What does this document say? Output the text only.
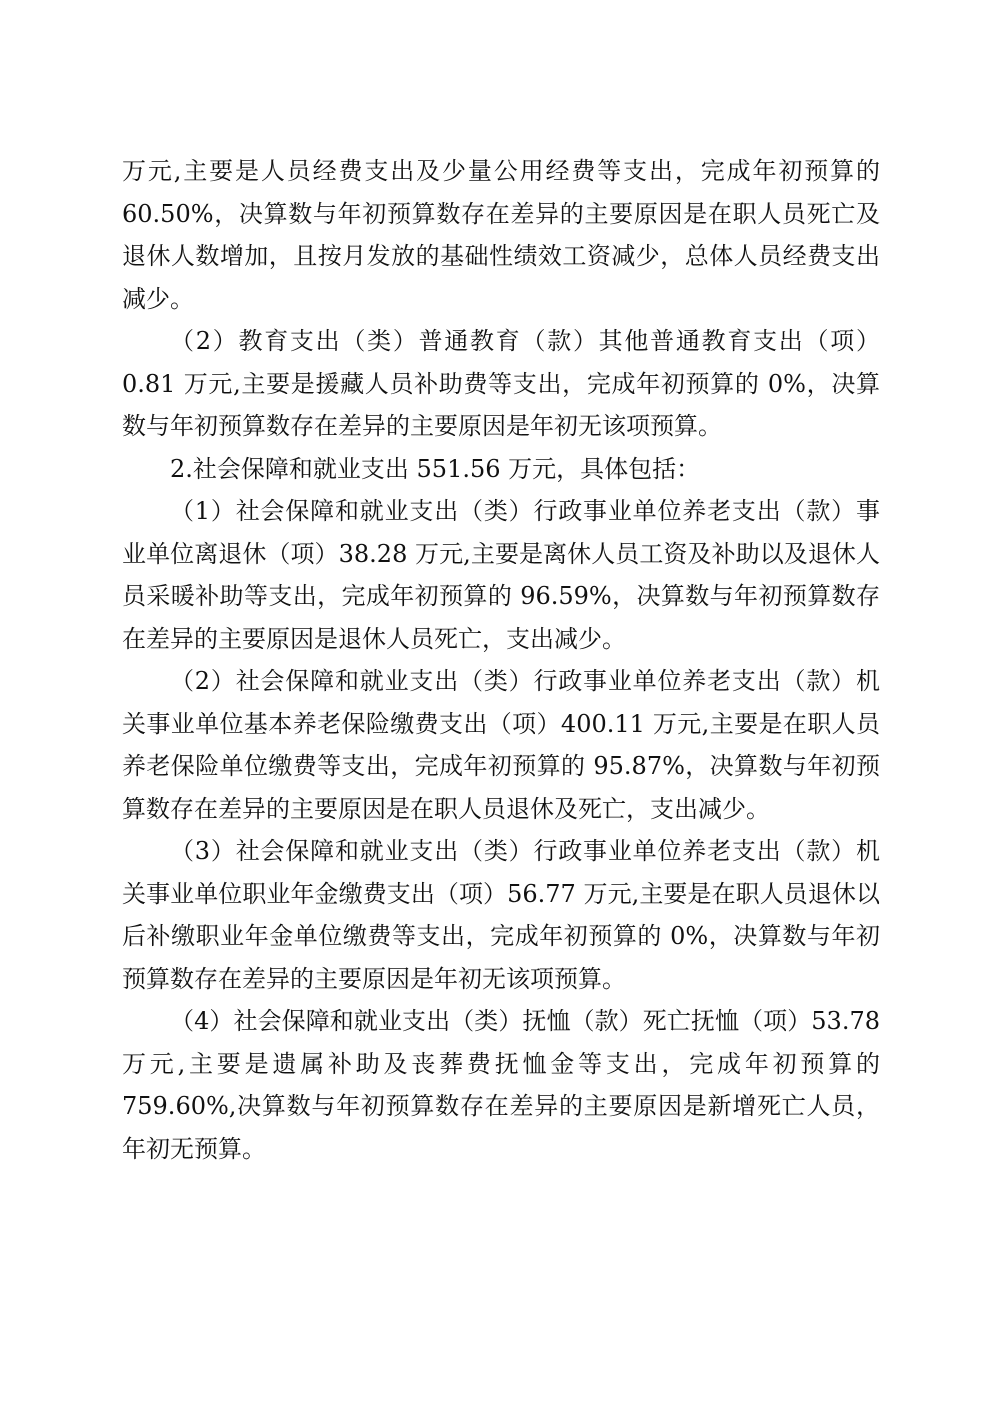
万元,主要是人员经费支出及少量公用经费等支出，完成年初预算的 60.50%，决算数与年初预算数存在差异的主要原因是在职人员死亡及退休人数增加，且按月发放的基础性绩效工资减少，总体人员经费支出减少。

（2）教育支出（类）普通教育（款）其他普通教育支出（项）0.81 万元,主要是援藏人员补助费等支出，完成年初预算的 0%，决算数与年初预算数存在差异的主要原因是年初无该项预算。

2.社会保障和就业支出 551.56 万元，具体包括：

（1）社会保障和就业支出（类）行政事业单位养老支出（款）事业单位离退休（项）38.28 万元,主要是离休人员工资及补助以及退休人员采暖补助等支出，完成年初预算的 96.59%，决算数与年初预算数存在差异的主要原因是退休人员死亡，支出减少。

（2）社会保障和就业支出（类）行政事业单位养老支出（款）机关事业单位基本养老保险缴费支出（项）400.11 万元,主要是在职人员养老保险单位缴费等支出，完成年初预算的 95.87%，决算数与年初预算数存在差异的主要原因是在职人员退休及死亡，支出减少。

（3）社会保障和就业支出（类）行政事业单位养老支出（款）机关事业单位职业年金缴费支出（项）56.77 万元,主要是在职人员退休以后补缴职业年金单位缴费等支出，完成年初预算的 0%，决算数与年初预算数存在差异的主要原因是年初无该项预算。

（4）社会保障和就业支出（类）抚恤（款）死亡抚恤（项）53.78 万元,主要是遗属补助及丧葬费抚恤金等支出，完成年初预算的 759.60%,决算数与年初预算数存在差异的主要原因是新增死亡人员，年初无预算。
